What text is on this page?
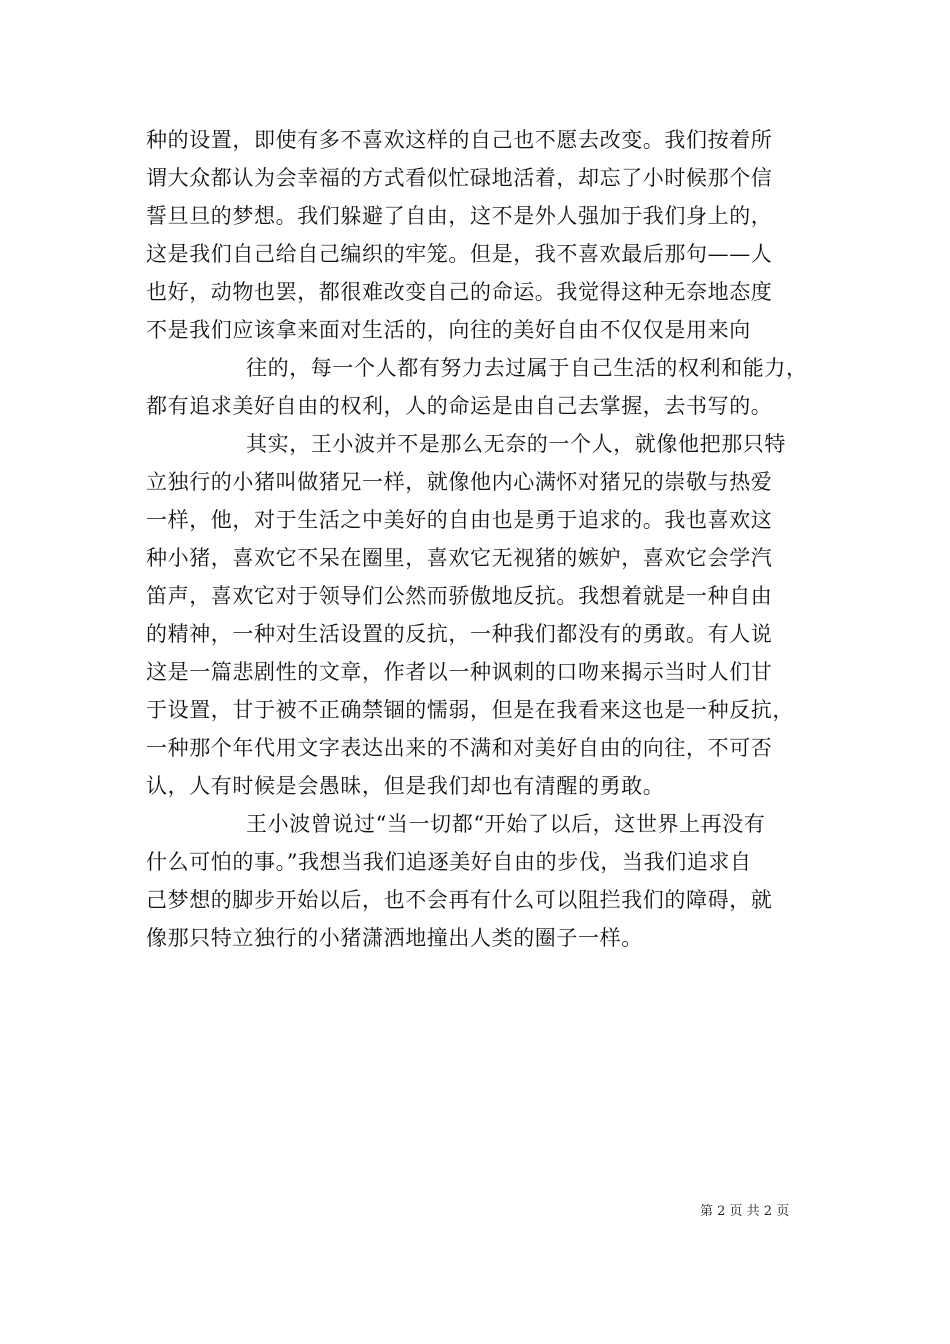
种的设置，即使有多不喜欢这样的自己也不愿去改变。我们按着所
谓大众都认为会幸福的方式看似忙碌地活着，却忘了小时候那个信
誓旦旦的梦想。我们躲避了自由，这不是外人强加于我们身上的，
这是我们自己给自己编织的牢笼。但是，我不喜欢最后那句——人
也好，动物也罢，都很难改变自己的命运。我觉得这种无奈地态度
不是我们应该拿来面对生活的，向往的美好自由不仅仅是用来向
往的，每一个人都有努力去过属于自己生活的权利和能力，
都有追求美好自由的权利，人的命运是由自己去掌握，去书写的。
其实，王小波并不是那么无奈的一个人，就像他把那只特
立独行的小猪叫做猪兄一样，就像他内心满怀对猪兄的崇敬与热爱
一样，他，对于生活之中美好的自由也是勇于追求的。我也喜欢这
种小猪，喜欢它不呆在圈里，喜欢它无视猪的嫉妒，喜欢它会学汽
笛声，喜欢它对于领导们公然而骄傲地反抗。我想着就是一种自由
的精神，一种对生活设置的反抗，一种我们都没有的勇敢。有人说
这是一篇悲剧性的文章，作者以一种讽刺的口吻来揭示当时人们甘
于设置，甘于被不正确禁锢的懦弱，但是在我看来这也是一种反抗，
一种那个年代用文字表达出来的不满和对美好自由的向往，不可否
认，人有时候是会愚昧，但是我们却也有清醒的勇敢。
王小波曾说过“当一切都“开始了以后，这世界上再没有
什么可怕的事。”我想当我们追逐美好自由的步伐，当我们追求自
己梦想的脚步开始以后，也不会再有什么可以阻拦我们的障碍，就
像那只特立独行的小猪潇洒地撞出人类的圈子一样。
第 2 页 共 2 页
